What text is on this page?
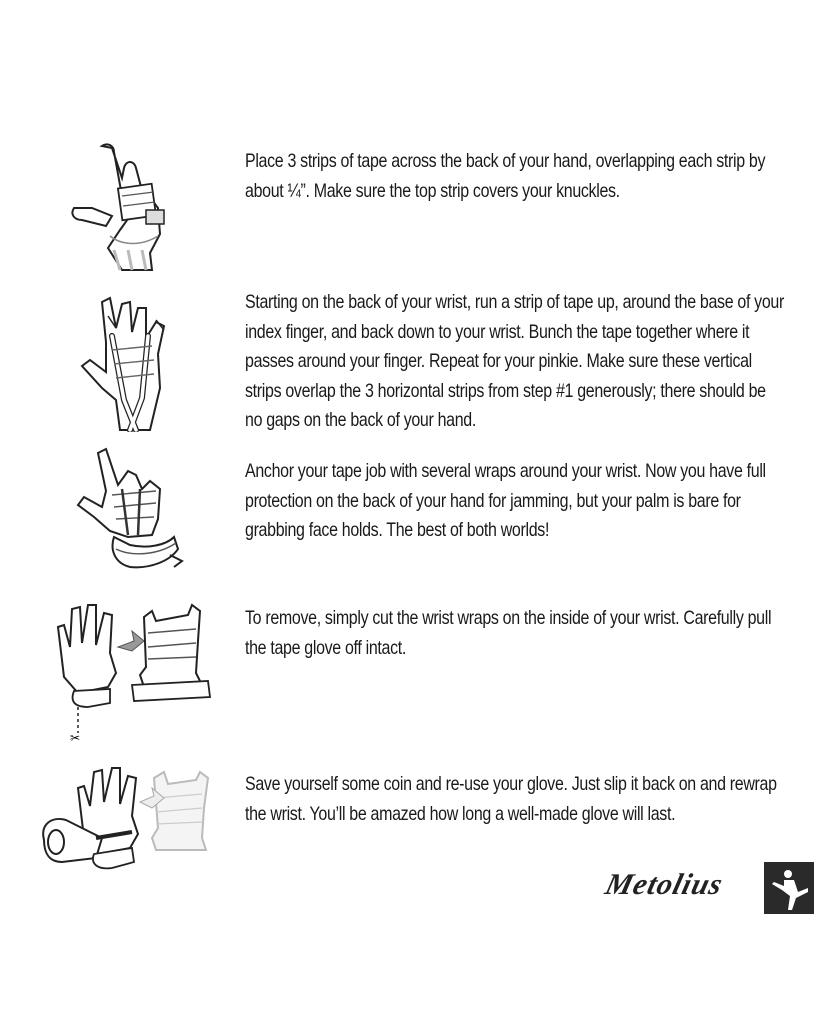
Place 3 strips of tape across the back of your hand, overlapping each strip by about ¼”. Make sure the top strip covers your knuckles.

Starting on the back of your wrist, run a strip of tape up, around the base of your index finger, and back down to your wrist. Bunch the tape together where it passes around your finger. Repeat for your pinkie. Make sure these vertical strips overlap the 3 horizontal strips from step #1 generously; there should be no gaps on the back of your hand.

Anchor your tape job with several wraps around your wrist. Now you have full protection on the back of your hand for jamming, but your palm is bare for grabbing face holds. The best of both worlds!

✂

To remove, simply cut the wrist wraps on the inside of your wrist. Carefully pull the tape glove off intact.

Save yourself some coin and re-use your glove. Just slip it back on and rewrap the wrist. You’ll be amazed how long a well-made glove will last.

Metolius
